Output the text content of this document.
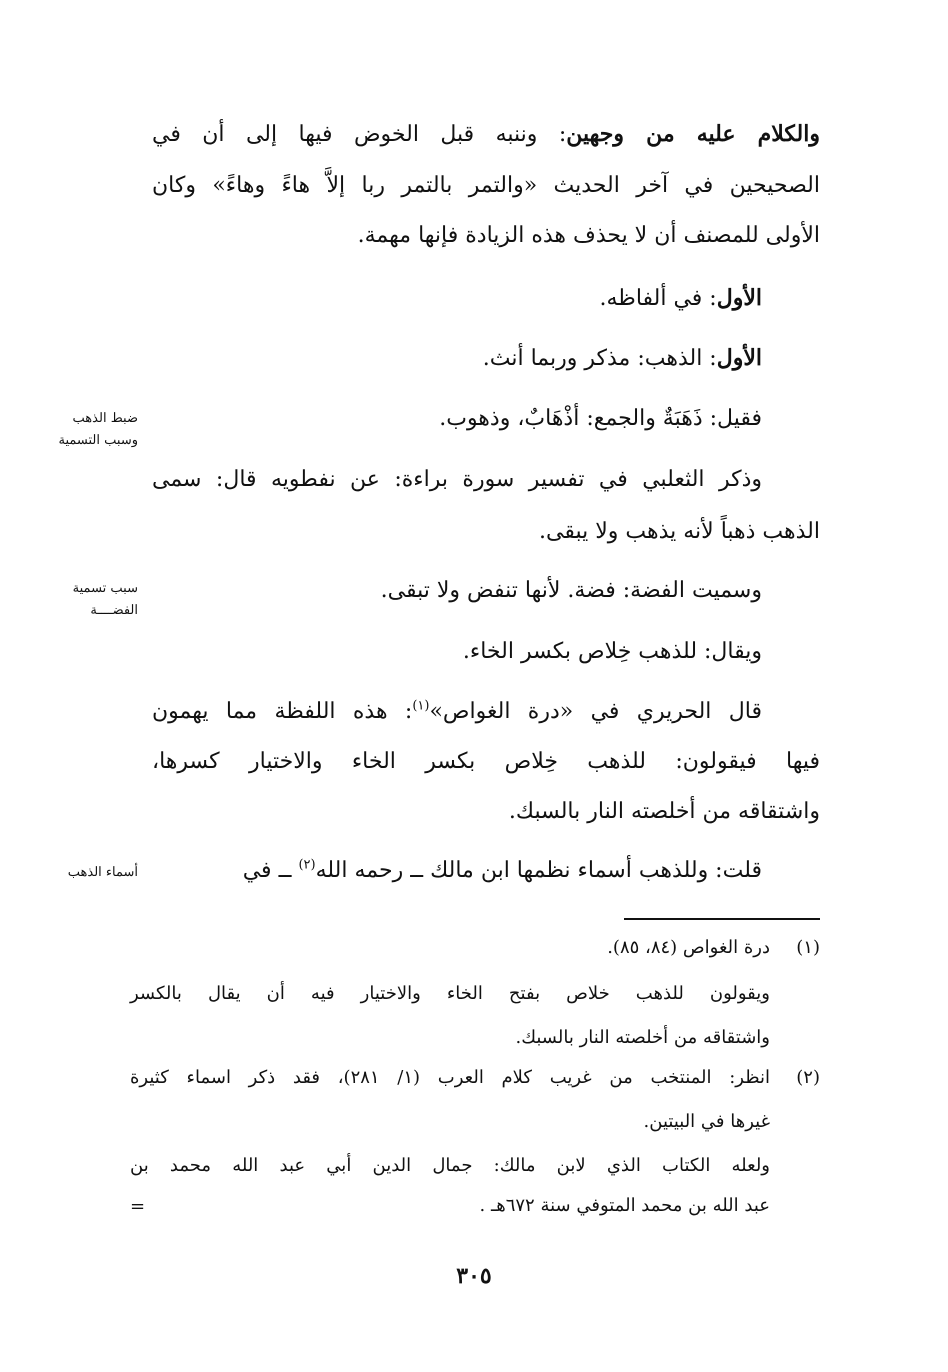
والكلام عليه من وجهين: وننبه قبل الخوض فيها إلى أن في
الصحيحين في آخر الحديث «والتمر بالتمر ربا إلاَّ هاءً وهاءً» وكان
الأولى للمصنف أن لا يحذف هذه الزيادة فإنها مهمة.
الأول: في ألفاظه.
الأول: الذهب: مذكر وربما أنث.
فقيل: ذَهَبَةٌ والجمع: أذْهَابٌ، وذهوب.
ضبط الذهب
وسبب التسمية
وذكر الثعلبي في تفسير سورة براءة: عن نفطويه قال: سمى
الذهب ذهباً لأنه يذهب ولا يبقى.
وسميت الفضة: فضة. لأنها تنفض ولا تبقى.
سبب تسمية
الفضــــة
ويقال: للذهب خِلاص بكسر الخاء.
قال الحريري في «درة الغواص»$^{(١)}$: هذه اللفظة مما يهمون
فيها فيقولون: للذهب خِلاص بكسر الخاء والاختيار كسرها،
واشتقاقه من أخلصته النار بالسبك.
قلت: وللذهب أسماء نظمها ابن مالك ــ رحمه الله$^{(٢)}$ ــ في
أسماء الذهب
(١)
درة الغواص (٨٤، ٨٥).
ويقولون للذهب خلاص بفتح الخاء والاختيار فيه أن يقال بالكسر
واشتقاقه من أخلصته النار بالسبك.
(٢)
انظر: المنتخب من غريب كلام العرب (١/ ٢٨١)، فقد ذكر اسماء كثيرة
غيرها في البيتين.
ولعله الكتاب الذي لابن مالك: جمال الدين أبي عبد الله محمد بن
عبد الله بن محمد المتوفي سنة ٦٧٢هـ .
=
٣٠٥
